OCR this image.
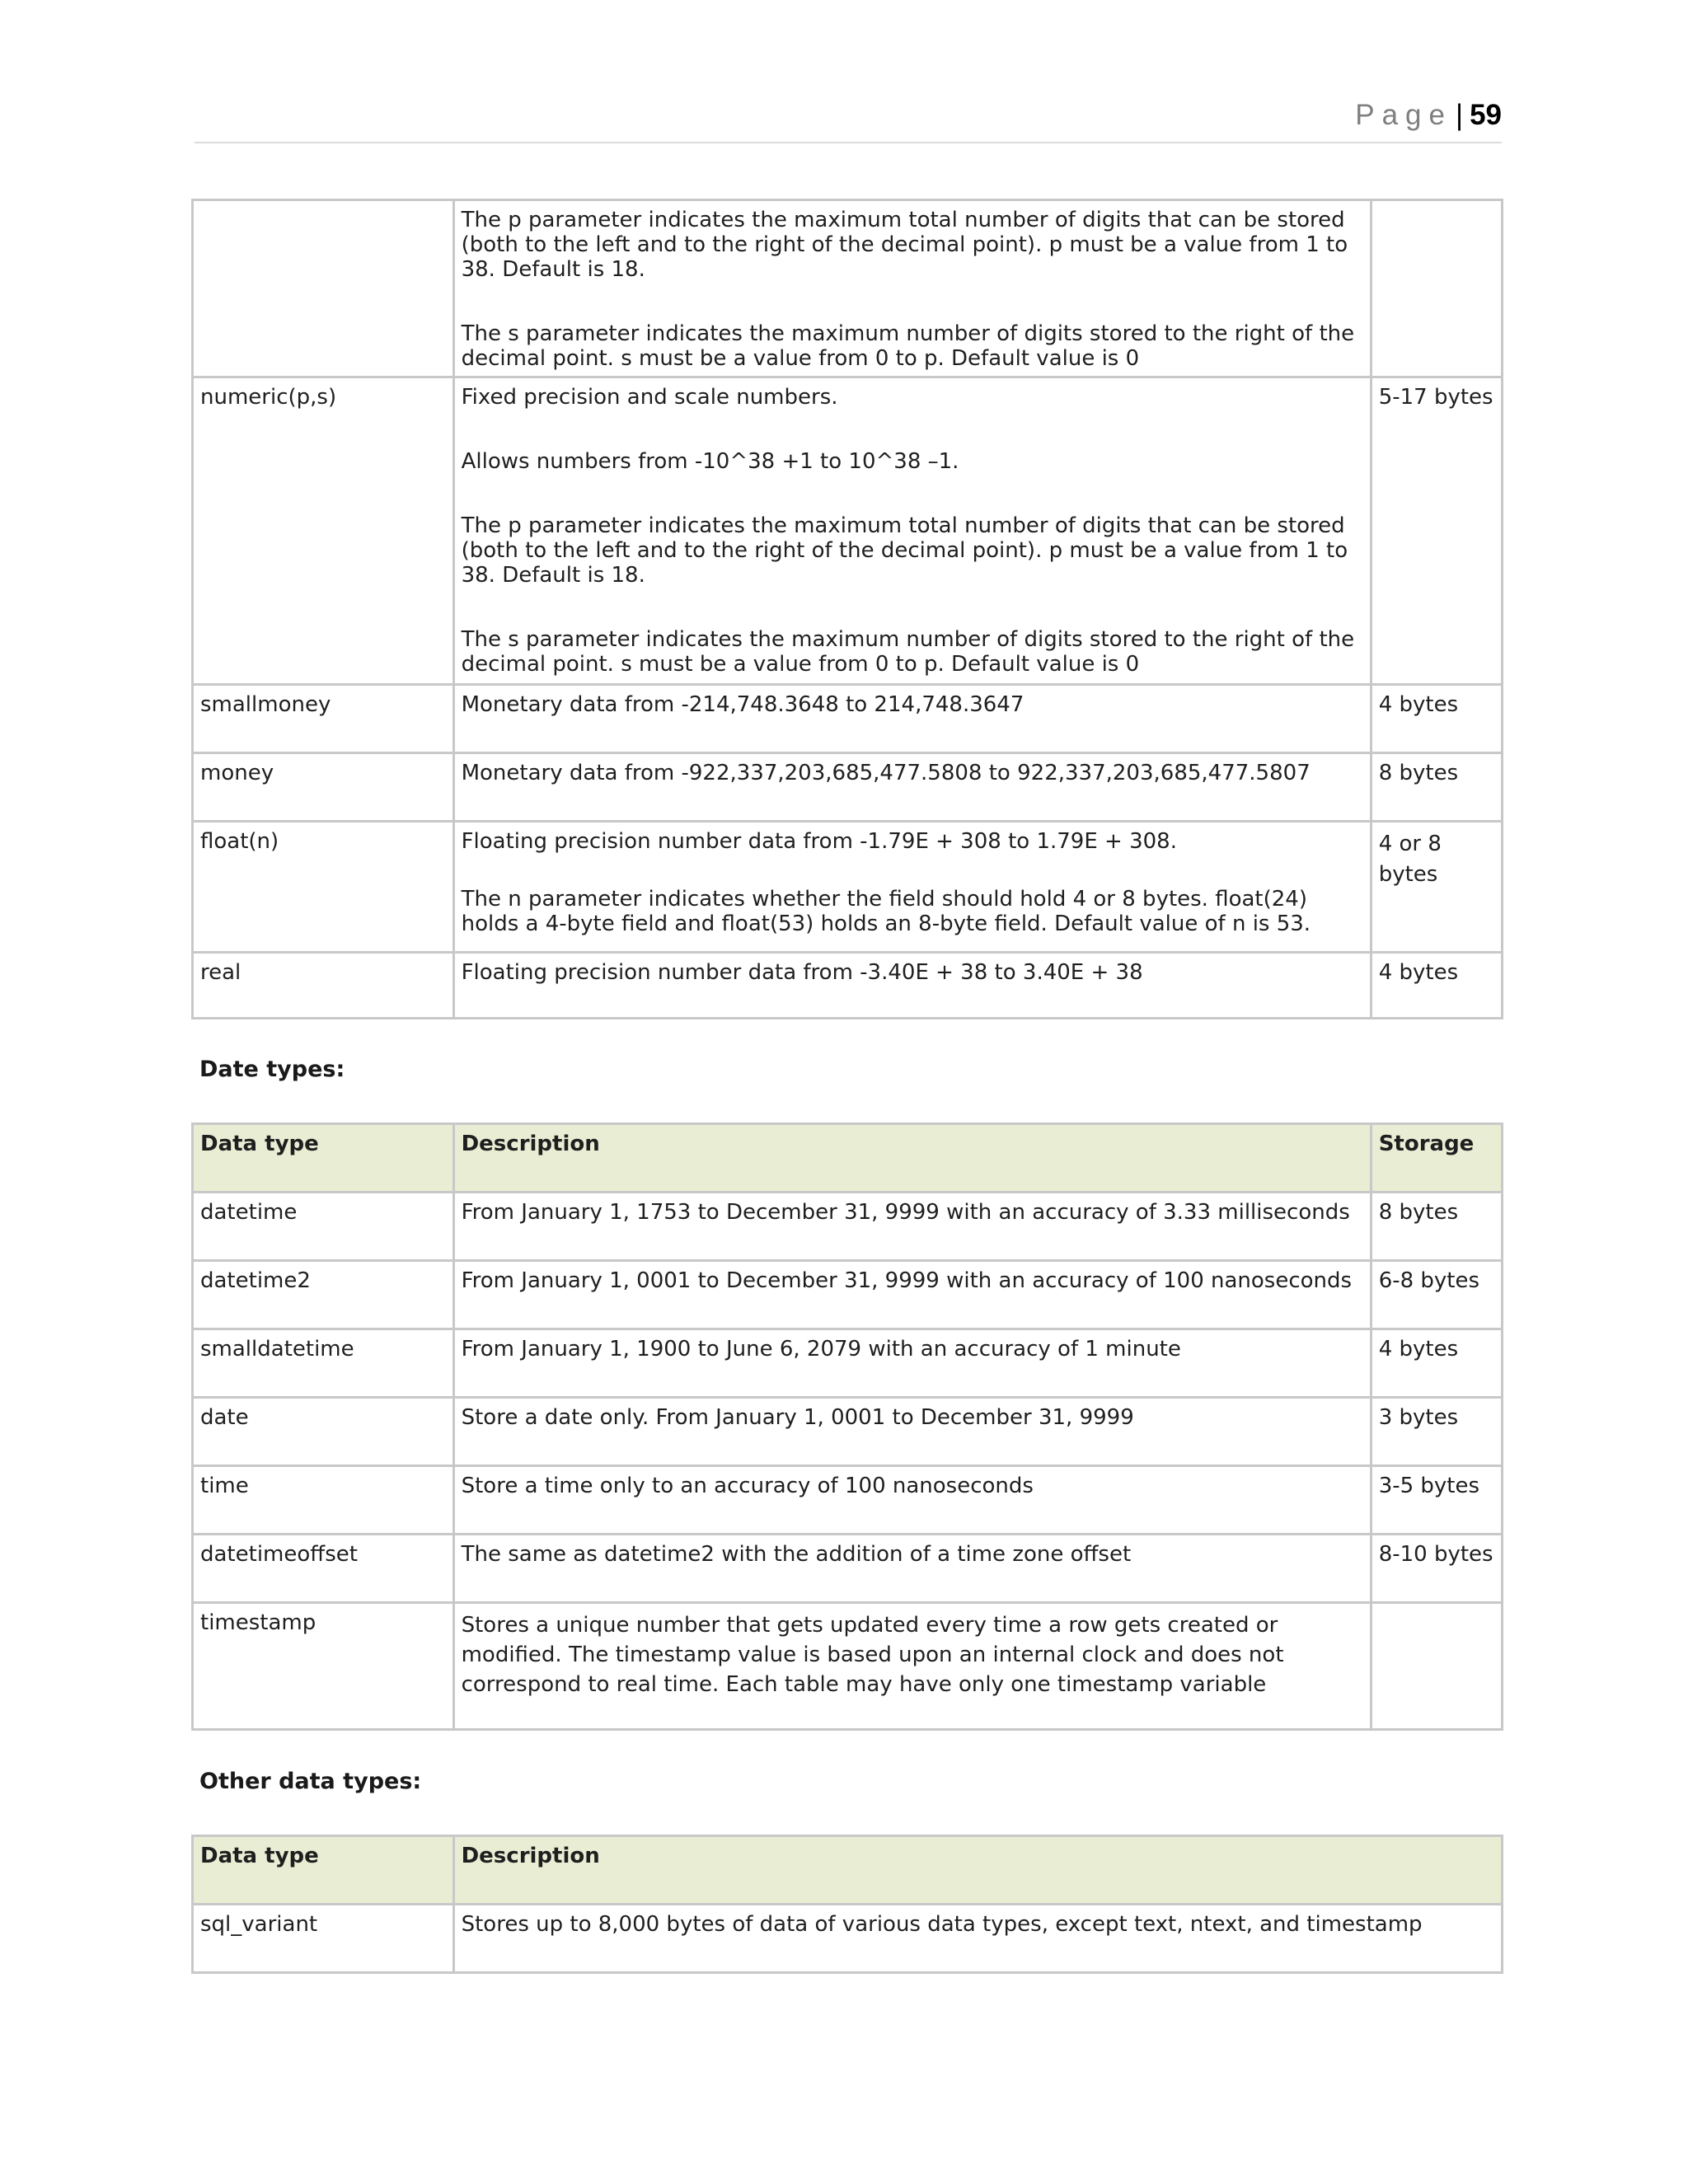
Page | 59

	The p parameter indicates the maximum total number of digits that can be stored (both to the left and to the right of the decimal point). p must be a value from 1 to 38. Default is 18.

The s parameter indicates the maximum number of digits stored to the right of the decimal point. s must be a value from 0 to p. Default value is 0	

numeric(p,s)	Fixed precision and scale numbers.

Allows numbers from -10^38 +1 to 10^38 –1.

The p parameter indicates the maximum total number of digits that can be stored (both to the left and to the right of the decimal point). p must be a value from 1 to 38. Default is 18.

The s parameter indicates the maximum number of digits stored to the right of the decimal point. s must be a value from 0 to p. Default value is 0	5-17 bytes
smallmoney	Monetary data from -214,748.3648 to 214,748.3647	4 bytes
money	Monetary data from -922,337,203,685,477.5808 to 922,337,203,685,477.5807	8 bytes
float(n)	Floating precision number data from -1.79E + 308 to 1.79E + 308.

The n parameter indicates whether the field should hold 4 or 8 bytes. float(24) holds a 4-byte field and float(53) holds an 8-byte field. Default value of n is 53.	4 or 8 bytes
real	Floating precision number data from -3.40E + 38 to 3.40E + 38	4 bytes
Date types:
Data type	Description	Storage
datetime	From January 1, 1753 to December 31, 9999 with an accuracy of 3.33 milliseconds	8 bytes
datetime2	From January 1, 0001 to December 31, 9999 with an accuracy of 100 nanoseconds	6-8 bytes
smalldatetime	From January 1, 1900 to June 6, 2079 with an accuracy of 1 minute	4 bytes
date	Store a date only. From January 1, 0001 to December 31, 9999	3 bytes
time	Store a time only to an accuracy of 100 nanoseconds	3-5 bytes
datetimeoffset	The same as datetime2 with the addition of a time zone offset	8-10 bytes
timestamp	Stores a unique number that gets updated every time a row gets created or modified. The timestamp value is based upon an internal clock and does not correspond to real time. Each table may have only one timestamp variable	
Other data types:
Data type	Description
sql_variant	Stores up to 8,000 bytes of data of various data types, except text, ntext, and timestamp
